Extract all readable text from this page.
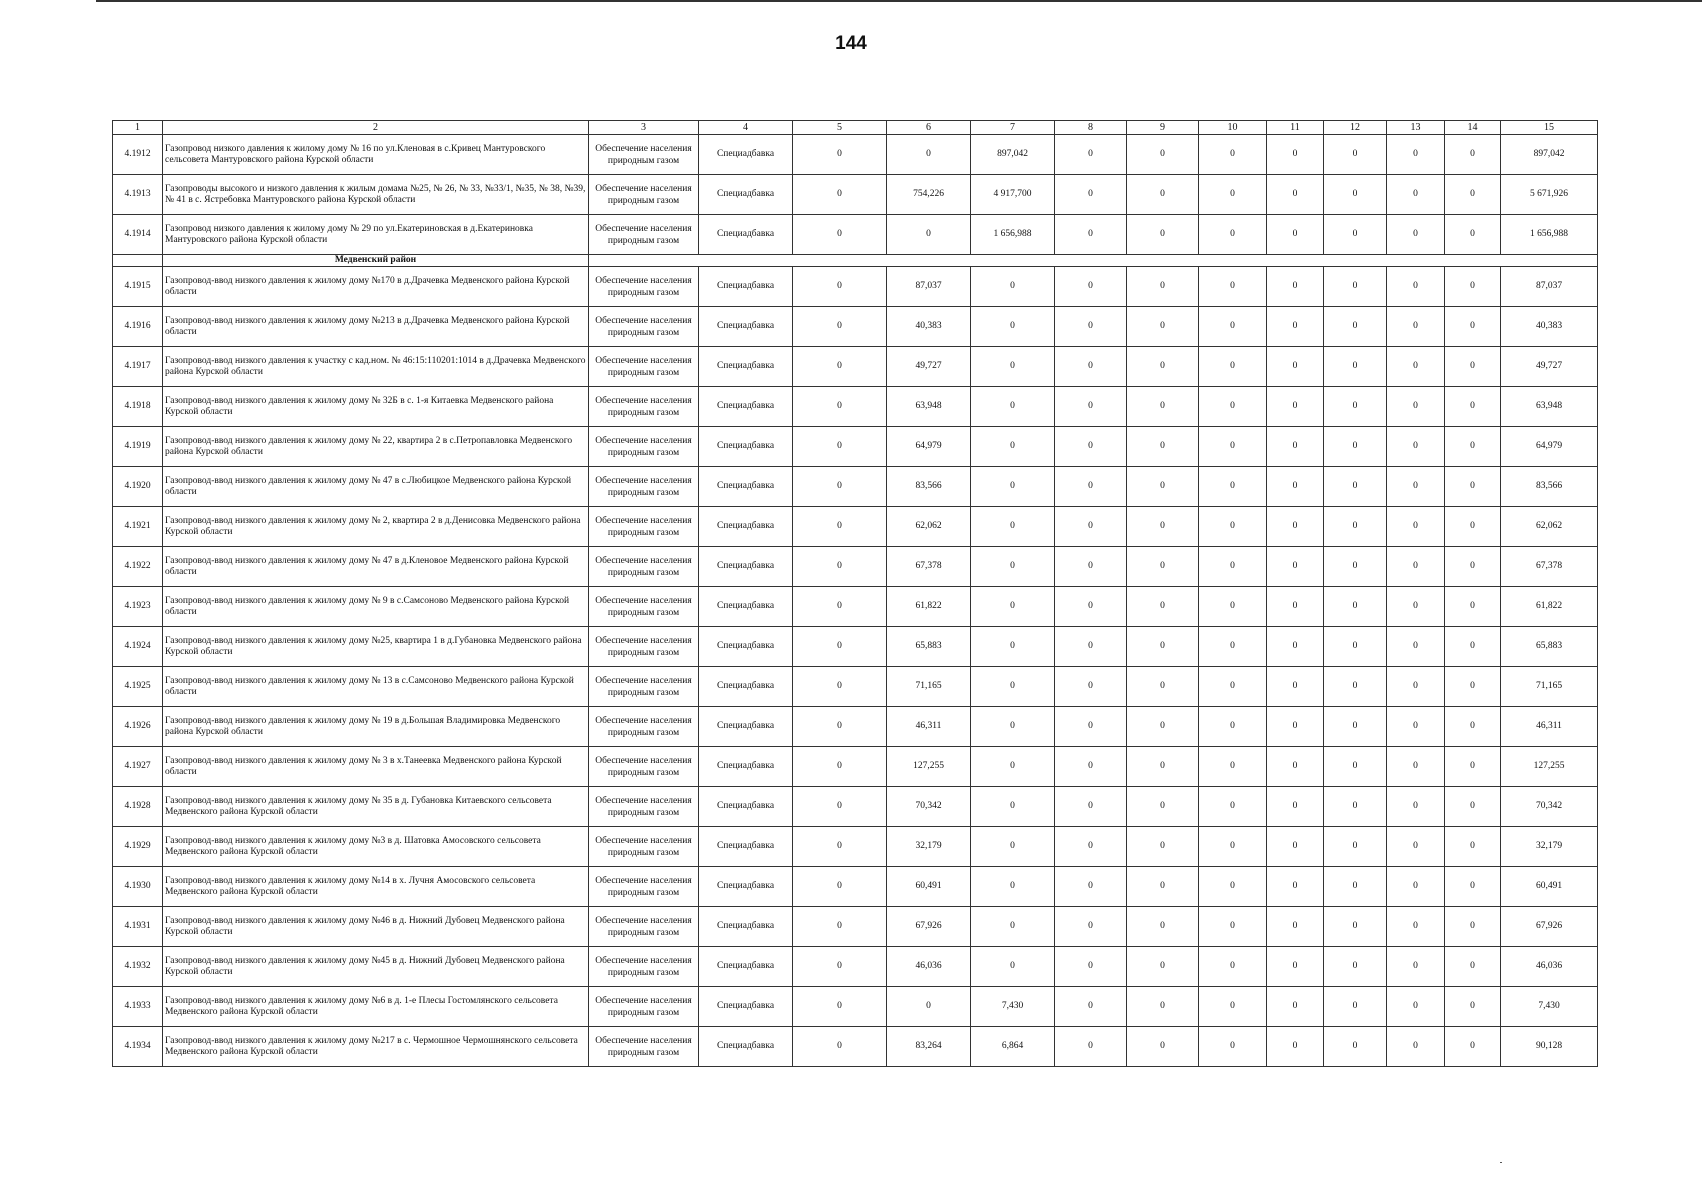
144
1	2	3	4	5	6	7	8	9	10	11	12	13	14	15
4.1912	Газопровод низкого давления к жилому дому № 16 по ул.Кленовая в с.Кривец Мантуровского сельсовета Мантуровского района Курской области	Обеспечение населения природным газом	Специадбавка	0	0	897,042	0	0	0	0	0	0	0	897,042
4.1913	Газопроводы высокого и низкого давления к жилым домама №25, № 26, № 33, №33/1, №35, № 38, №39, № 41 в с. Ястребовка Мантуровского района Курской области	Обеспечение населения природным газом	Специадбавка	0	754,226	4 917,700	0	0	0	0	0	0	0	5 671,926
4.1914	Газопровод низкого давления к жилому дому № 29 по ул.Екатериновская в д.Екатериновка Мантуровского района Курской области	Обеспечение населения природным газом	Специадбавка	0	0	1 656,988	0	0	0	0	0	0	0	1 656,988
	Медвенский район													
4.1915	Газопровод-ввод низкого давления к жилому дому №170 в д.Драчевка Медвенского района Курской области	Обеспечение населения природным газом	Специадбавка	0	87,037	0	0	0	0	0	0	0	0	87,037
4.1916	Газопровод-ввод низкого давления к жилому дому №213 в д.Драчевка Медвенского района Курской области	Обеспечение населения природным газом	Специадбавка	0	40,383	0	0	0	0	0	0	0	0	40,383
4.1917	Газопровод-ввод низкого давления к участку с кад.ном. № 46:15:110201:1014 в д.Драчевка Медвенского района Курской области	Обеспечение населения природным газом	Специадбавка	0	49,727	0	0	0	0	0	0	0	0	49,727
4.1918	Газопровод-ввод низкого давления к жилому дому № 32Б в с. 1-я Китаевка Медвенского района Курской области	Обеспечение населения природным газом	Специадбавка	0	63,948	0	0	0	0	0	0	0	0	63,948
4.1919	Газопровод-ввод низкого давления к жилому дому № 22, квартира 2 в с.Петропавловка Медвенского района Курской области	Обеспечение населения природным газом	Специадбавка	0	64,979	0	0	0	0	0	0	0	0	64,979
4.1920	Газопровод-ввод низкого давления к жилому дому № 47 в с.Любицкое Медвенского района Курской области	Обеспечение населения природным газом	Специадбавка	0	83,566	0	0	0	0	0	0	0	0	83,566
4.1921	Газопровод-ввод низкого давления к жилому дому № 2, квартира 2 в д.Денисовка Медвенского района Курской области	Обеспечение населения природным газом	Специадбавка	0	62,062	0	0	0	0	0	0	0	0	62,062
4.1922	Газопровод-ввод низкого давления к жилому дому № 47 в д.Кленовое Медвенского района Курской области	Обеспечение населения природным газом	Специадбавка	0	67,378	0	0	0	0	0	0	0	0	67,378
4.1923	Газопровод-ввод низкого давления к жилому дому № 9 в с.Самсоново Медвенского района Курской области	Обеспечение населения природным газом	Специадбавка	0	61,822	0	0	0	0	0	0	0	0	61,822
4.1924	Газопровод-ввод низкого давления к жилому дому №25, квартира 1 в д.Губановка Медвенского района Курской области	Обеспечение населения природным газом	Специадбавка	0	65,883	0	0	0	0	0	0	0	0	65,883
4.1925	Газопровод-ввод низкого давления к жилому дому № 13 в с.Самсоново Медвенского района Курской области	Обеспечение населения природным газом	Специадбавка	0	71,165	0	0	0	0	0	0	0	0	71,165
4.1926	Газопровод-ввод низкого давления к жилому дому № 19 в д.Большая Владимировка Медвенского района Курской области	Обеспечение населения природным газом	Специадбавка	0	46,311	0	0	0	0	0	0	0	0	46,311
4.1927	Газопровод-ввод низкого давления к жилому дому № 3 в х.Танеевка Медвенского района Курской области	Обеспечение населения природным газом	Специадбавка	0	127,255	0	0	0	0	0	0	0	0	127,255
4.1928	Газопровод-ввод низкого давления к жилому дому № 35 в д. Губановка Китаевского сельсовета Медвенского района Курской области	Обеспечение населения природным газом	Специадбавка	0	70,342	0	0	0	0	0	0	0	0	70,342
4.1929	Газопровод-ввод низкого давления к жилому дому №3 в д. Шатовка Амосовского сельсовета Медвенского района Курской области	Обеспечение населения природным газом	Специадбавка	0	32,179	0	0	0	0	0	0	0	0	32,179
4.1930	Газопровод-ввод низкого давления к жилому дому №14 в х. Лучня Амосовского сельсовета Медвенского района Курской области	Обеспечение населения природным газом	Специадбавка	0	60,491	0	0	0	0	0	0	0	0	60,491
4.1931	Газопровод-ввод низкого давления к жилому дому №46 в д. Нижний Дубовец Медвенского района Курской области	Обеспечение населения природным газом	Специадбавка	0	67,926	0	0	0	0	0	0	0	0	67,926
4.1932	Газопровод-ввод низкого давления к жилому дому №45 в д. Нижний Дубовец Медвенского района Курской области	Обеспечение населения природным газом	Специадбавка	0	46,036	0	0	0	0	0	0	0	0	46,036
4.1933	Газопровод-ввод низкого давления к жилому дому №6 в д. 1-е Плесы Гостомлянского сельсовета Медвенского района Курской области	Обеспечение населения природным газом	Специадбавка	0	0	7,430	0	0	0	0	0	0	0	7,430
4.1934	Газопровод-ввод низкого давления к жилому дому №217 в с. Чермошное Чермошнянского сельсовета Медвенского района Курской области	Обеспечение населения природным газом	Специадбавка	0	83,264	6,864	0	0	0	0	0	0	0	90,128
